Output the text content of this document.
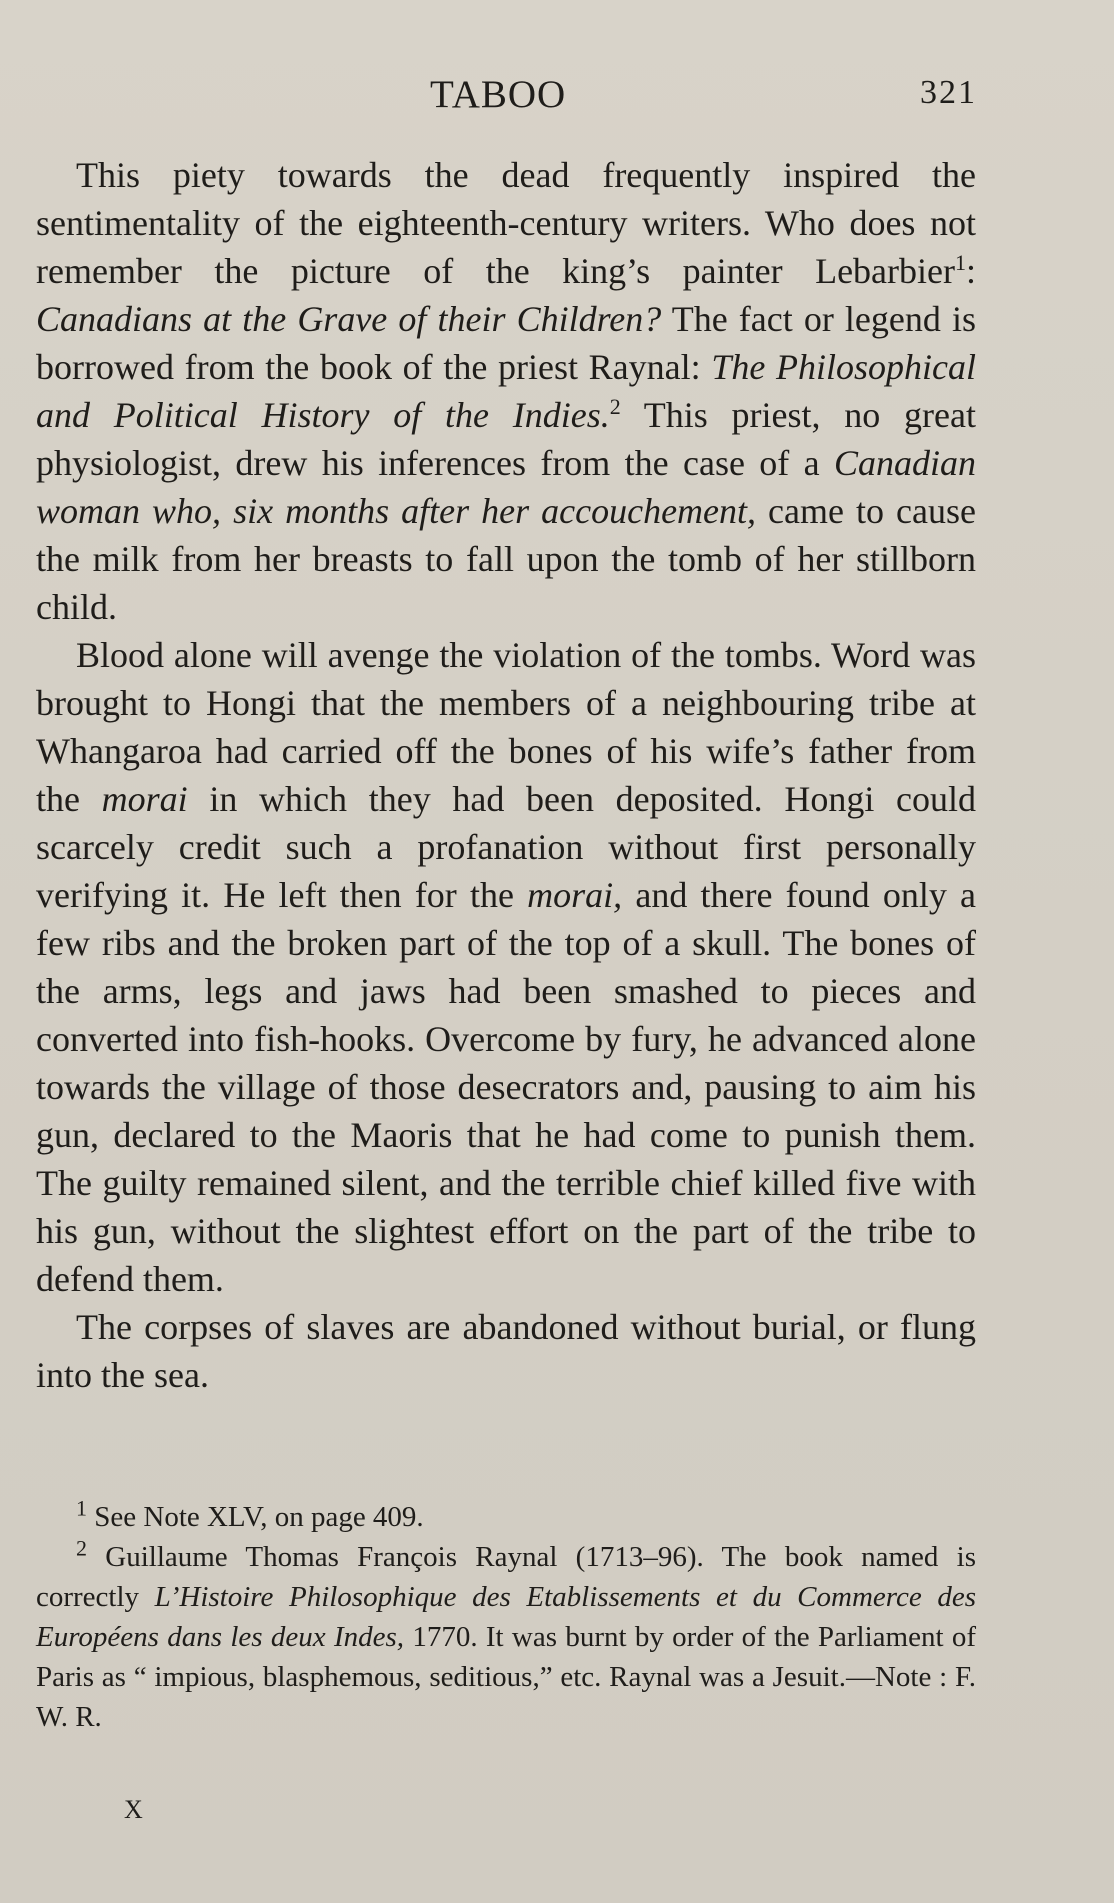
TABOO	321

This piety towards the dead frequently inspired the sentimentality of the eighteenth-century writers. Who does not remember the picture of the king’s painter Lebarbier$^1$: Canadians at the Grave of their Children? The fact or legend is borrowed from the book of the priest Raynal: The Philosophical and Political History of the Indies.$^2$ This priest, no great physiologist, drew his inferences from the case of a Canadian woman who, six months after her accouchement, came to cause the milk from her breasts to fall upon the tomb of her stillborn child.

Blood alone will avenge the violation of the tombs. Word was brought to Hongi that the members of a neighbouring tribe at Whangaroa had carried off the bones of his wife’s father from the morai in which they had been deposited. Hongi could scarcely credit such a profanation without first personally verifying it. He left then for the morai, and there found only a few ribs and the broken part of the top of a skull. The bones of the arms, legs and jaws had been smashed to pieces and converted into fish-hooks. Overcome by fury, he advanced alone towards the village of those desecrators and, pausing to aim his gun, declared to the Maoris that he had come to punish them. The guilty remained silent, and the terrible chief killed five with his gun, without the slightest effort on the part of the tribe to defend them.

The corpses of slaves are abandoned without burial, or flung into the sea.

$^1$ See Note XLV, on page 409.

$^2$ Guillaume Thomas François Raynal (1713–96). The book named is correctly L’Histoire Philosophique des Etablissements et du Commerce des Européens dans les deux Indes, 1770. It was burnt by order of the Parliament of Paris as “ impious, blasphemous, seditious,” etc. Raynal was a Jesuit.—Note : F. W. R.

X
